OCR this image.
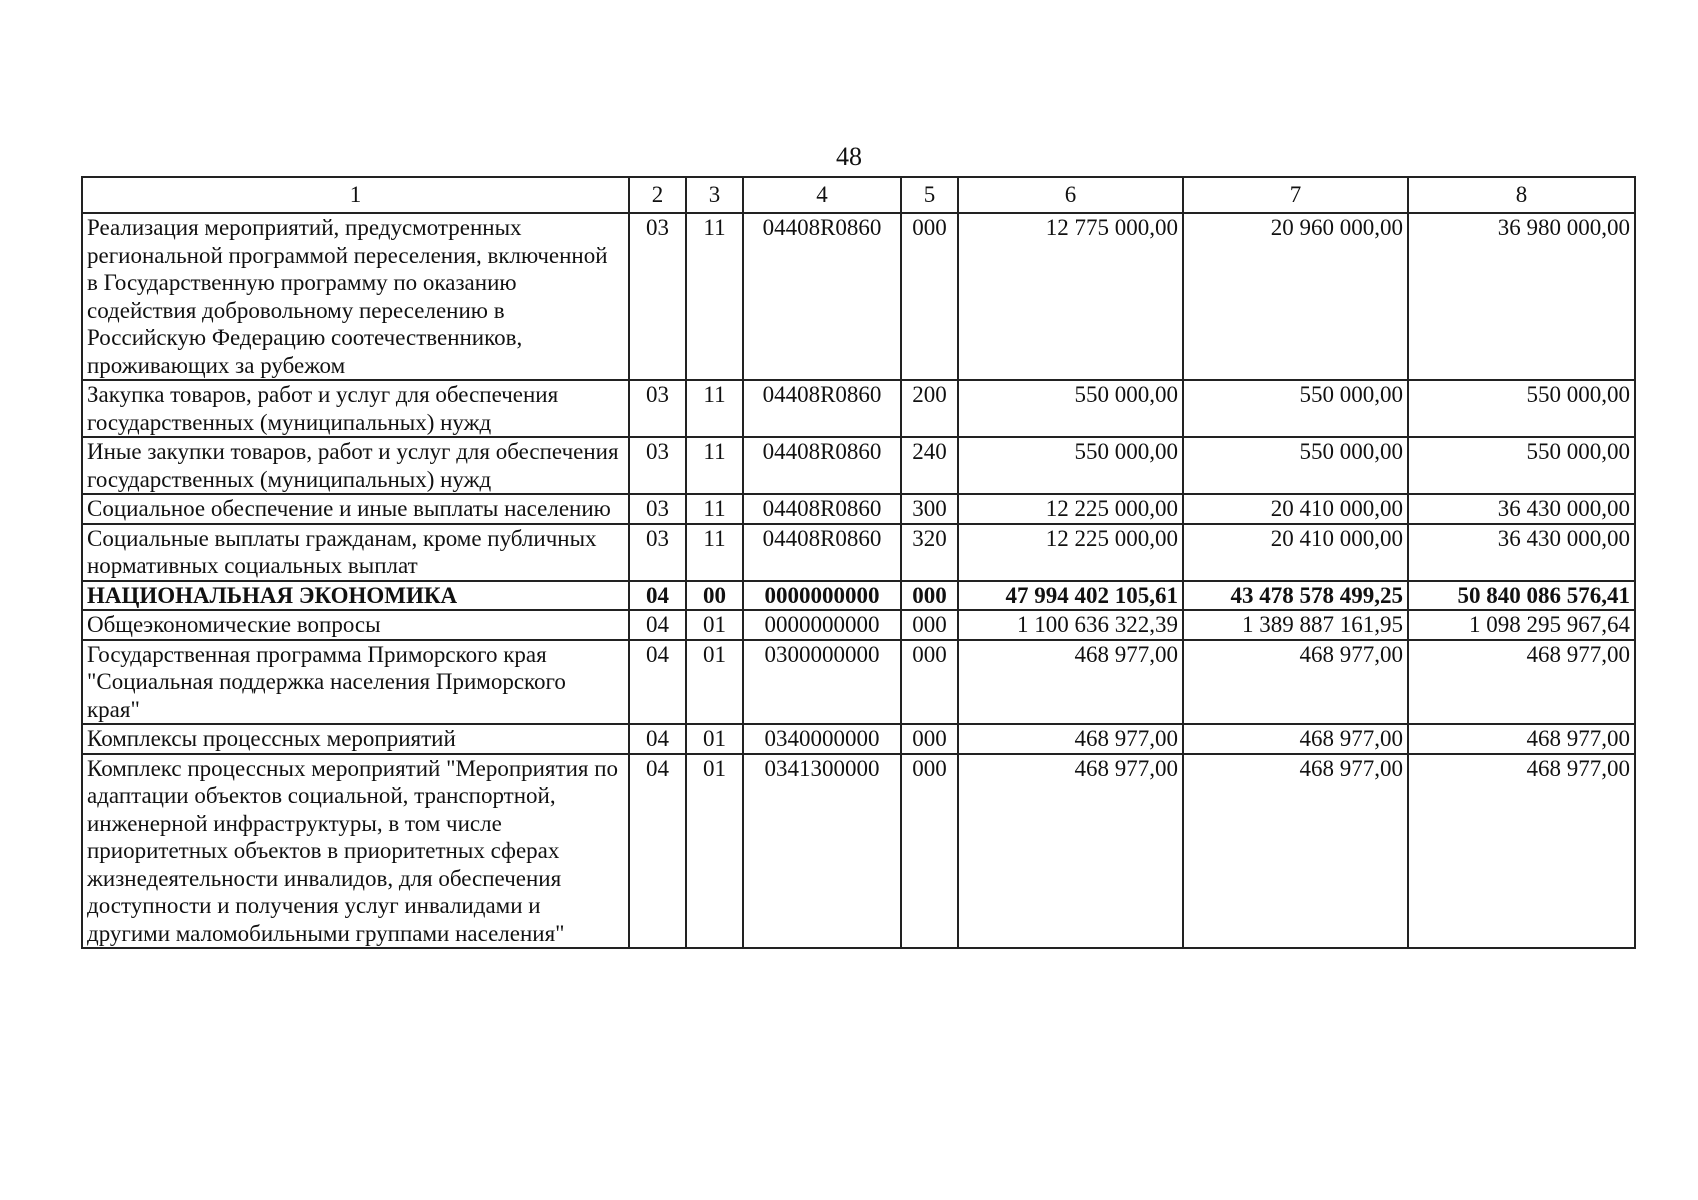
48
1	2	3	4	5	6	7	8
Реализация мероприятий, предусмотренных региональной программой переселения, включенной в Государственную программу по оказанию содействия добровольному переселению в Российскую Федерацию соотечественников, проживающих за рубежом	03	11	04408R0860	000	12 775 000,00	20 960 000,00	36 980 000,00
Закупка товаров, работ и услуг для обеспечения государственных (муниципальных) нужд	03	11	04408R0860	200	550 000,00	550 000,00	550 000,00
Иные закупки товаров, работ и услуг для обеспечения государственных (муниципальных) нужд	03	11	04408R0860	240	550 000,00	550 000,00	550 000,00
Социальное обеспечение и иные выплаты населению	03	11	04408R0860	300	12 225 000,00	20 410 000,00	36 430 000,00
Социальные выплаты гражданам, кроме публичных нормативных социальных выплат	03	11	04408R0860	320	12 225 000,00	20 410 000,00	36 430 000,00
НАЦИОНАЛЬНАЯ ЭКОНОМИКА	04	00	0000000000	000	47 994 402 105,61	43 478 578 499,25	50 840 086 576,41
Общеэкономические вопросы	04	01	0000000000	000	1 100 636 322,39	1 389 887 161,95	1 098 295 967,64
Государственная программа Приморского края "Социальная поддержка населения Приморского края"	04	01	0300000000	000	468 977,00	468 977,00	468 977,00
Комплексы процессных мероприятий	04	01	0340000000	000	468 977,00	468 977,00	468 977,00
Комплекс процессных мероприятий "Мероприятия по адаптации объектов социальной, транспортной, инженерной инфраструктуры, в том числе приоритетных объектов в приоритетных сферах жизнедеятельности инвалидов, для обеспечения доступности и получения услуг инвалидами и другими маломобильными группами населения"	04	01	0341300000	000	468 977,00	468 977,00	468 977,00
